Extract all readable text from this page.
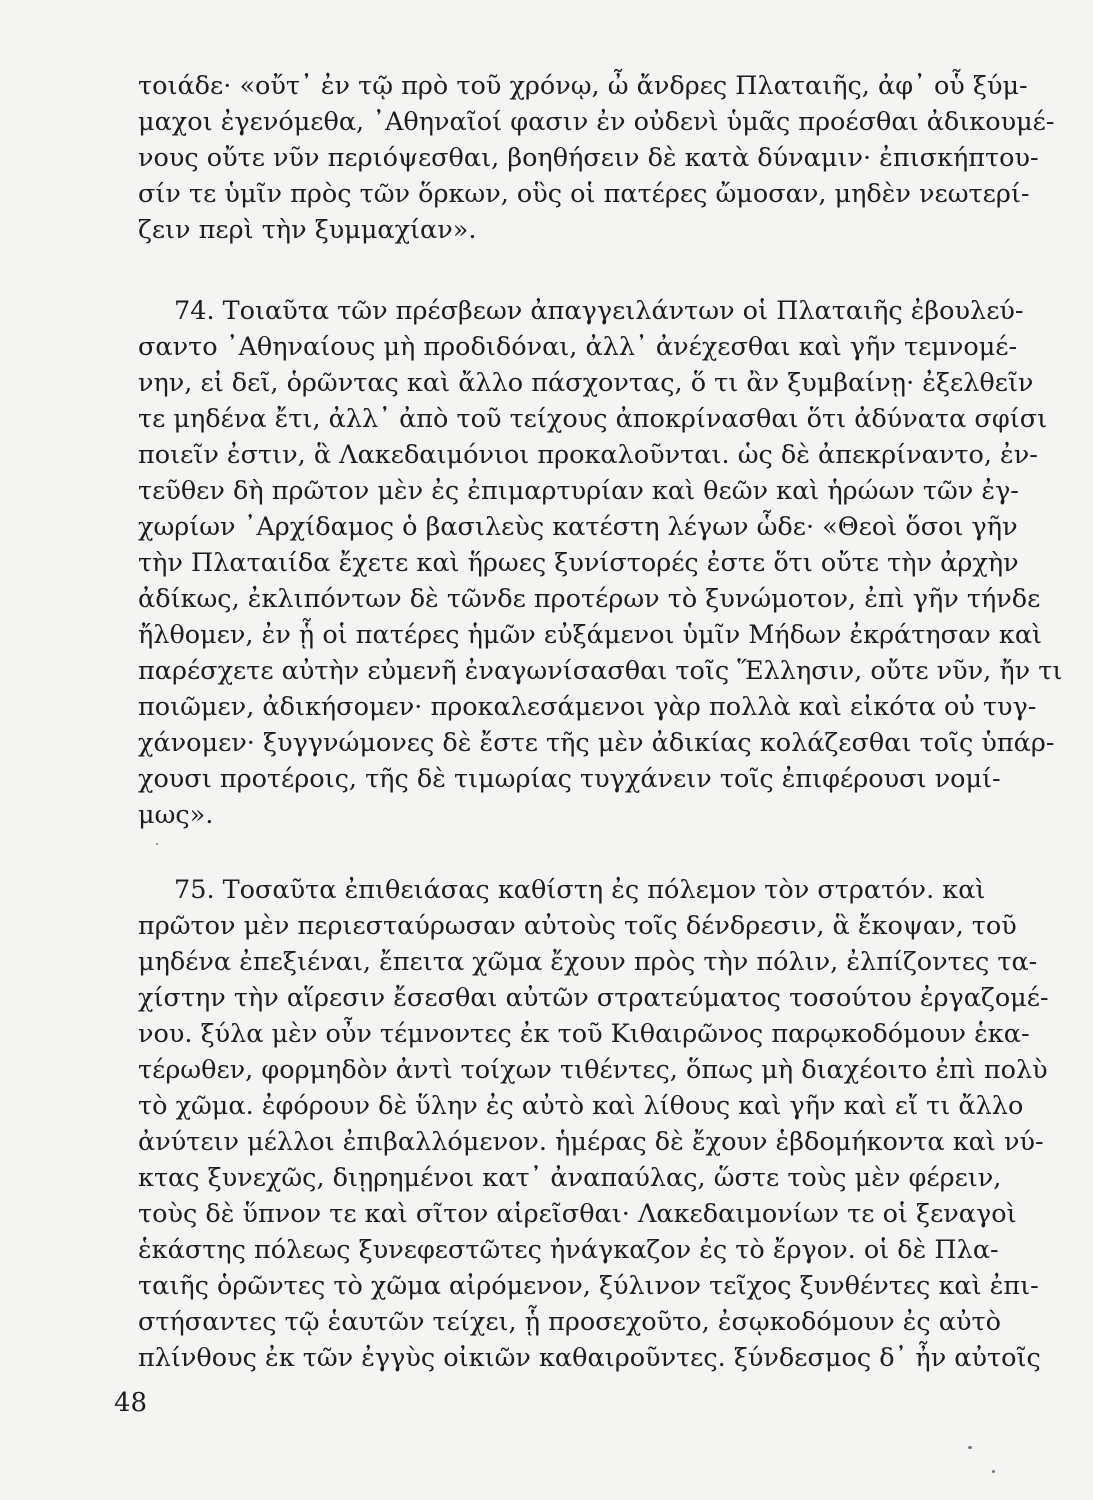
τοιάδε· «οὔτ᾽ ἐν τῷ πρὸ τοῦ χρόνῳ, ὦ ἄνδρες Πλαταιῆς, ἀφ᾽ οὗ ξύμ-
μαχοι ἐγενόμεθα, ᾽Αθηναῖοί φασιν ἐν οὐδενὶ ὑμᾶς προέσθαι ἀδικουμέ-
νους οὔτε νῦν περιόψεσθαι, βοηθήσειν δὲ κατὰ δύναμιν· ἐπισκήπτου-
σίν τε ὑμῖν πρὸς τῶν ὅρκων, οὓς οἱ πατέρες ὤμοσαν, μηδὲν νεωτερί-
ζειν περὶ τὴν ξυμμαχίαν».
74. Τοιαῦτα τῶν πρέσβεων ἀπαγγειλάντων οἱ Πλαταιῆς ἐβουλεύ-
σαντο ᾽Αθηναίους μὴ προδιδόναι, ἀλλ᾽ ἀνέχεσθαι καὶ γῆν τεμνομέ-
νην, εἰ δεῖ, ὁρῶντας καὶ ἄλλο πάσχοντας, ὅ τι ἂν ξυμβαίνῃ· ἐξελθεῖν
τε μηδένα ἔτι, ἀλλ᾽ ἀπὸ τοῦ τείχους ἀποκρίνασθαι ὅτι ἀδύνατα σφίσι
ποιεῖν ἐστιν, ἃ Λακεδαιμόνιοι προκαλοῦνται. ὡς δὲ ἀπεκρίναντο, ἐν-
τεῦθεν δὴ πρῶτον μὲν ἐς ἐπιμαρτυρίαν καὶ θεῶν καὶ ἡρώων τῶν ἐγ-
χωρίων ᾽Αρχίδαμος ὁ βασιλεὺς κατέστη λέγων ὧδε· «Θεοὶ ὅσοι γῆν
τὴν Πλαταιίδα ἔχετε καὶ ἥρωες ξυνίστορές ἐστε ὅτι οὔτε τὴν ἀρχὴν
ἀδίκως, ἐκλιπόντων δὲ τῶνδε προτέρων τὸ ξυνώμοτον, ἐπὶ γῆν τήνδε
ἤλθομεν, ἐν ᾗ οἱ πατέρες ἡμῶν εὐξάμενοι ὑμῖν Μήδων ἐκράτησαν καὶ
παρέσχετε αὐτὴν εὐμενῆ ἐναγωνίσασθαι τοῖς Ἕλλησιν, οὔτε νῦν, ἤν τι
ποιῶμεν, ἀδικήσομεν· προκαλεσάμενοι γὰρ πολλὰ καὶ εἰκότα οὐ τυγ-
χάνομεν· ξυγγνώμονες δὲ ἔστε τῆς μὲν ἀδικίας κολάζεσθαι τοῖς ὑπάρ-
χουσι προτέροις, τῆς δὲ τιμωρίας τυγχάνειν τοῖς ἐπιφέρουσι νομί-
μως».
75. Τοσαῦτα ἐπιθειάσας καθίστη ἐς πόλεμον τὸν στρατόν. καὶ
πρῶτον μὲν περιεσταύρωσαν αὐτοὺς τοῖς δένδρεσιν, ἃ ἔκοψαν, τοῦ
μηδένα ἐπεξιέναι, ἔπειτα χῶμα ἔχουν πρὸς τὴν πόλιν, ἐλπίζοντες τα-
χίστην τὴν αἵρεσιν ἔσεσθαι αὐτῶν στρατεύματος τοσούτου ἐργαζομέ-
νου. ξύλα μὲν οὖν τέμνοντες ἐκ τοῦ Κιθαιρῶνος παρῳκοδόμουν ἑκα-
τέρωθεν, φορμηδὸν ἀντὶ τοίχων τιθέντες, ὅπως μὴ διαχέοιτο ἐπὶ πολὺ
τὸ χῶμα. ἐφόρουν δὲ ὕλην ἐς αὐτὸ καὶ λίθους καὶ γῆν καὶ εἴ τι ἄλλο
ἀνύτειν μέλλοι ἐπιβαλλόμενον. ἡμέρας δὲ ἔχουν ἑβδομήκοντα καὶ νύ-
κτας ξυνεχῶς, διῃρημένοι κατ᾽ ἀναπαύλας, ὥστε τοὺς μὲν φέρειν,
τοὺς δὲ ὕπνον τε καὶ σῖτον αἱρεῖσθαι· Λακεδαιμονίων τε οἱ ξεναγοὶ
ἑκάστης πόλεως ξυνεφεστῶτες ἠνάγκαζον ἐς τὸ ἔργον. οἱ δὲ Πλα-
ταιῆς ὁρῶντες τὸ χῶμα αἰρόμενον, ξύλινον τεῖχος ξυνθέντες καὶ ἐπι-
στήσαντες τῷ ἑαυτῶν τείχει, ᾗ προσεχοῦτο, ἐσῳκοδόμουν ἐς αὐτὸ
πλίνθους ἐκ τῶν ἐγγὺς οἰκιῶν καθαιροῦντες. ξύνδεσμος δ᾽ ἦν αὐτοῖς
48
